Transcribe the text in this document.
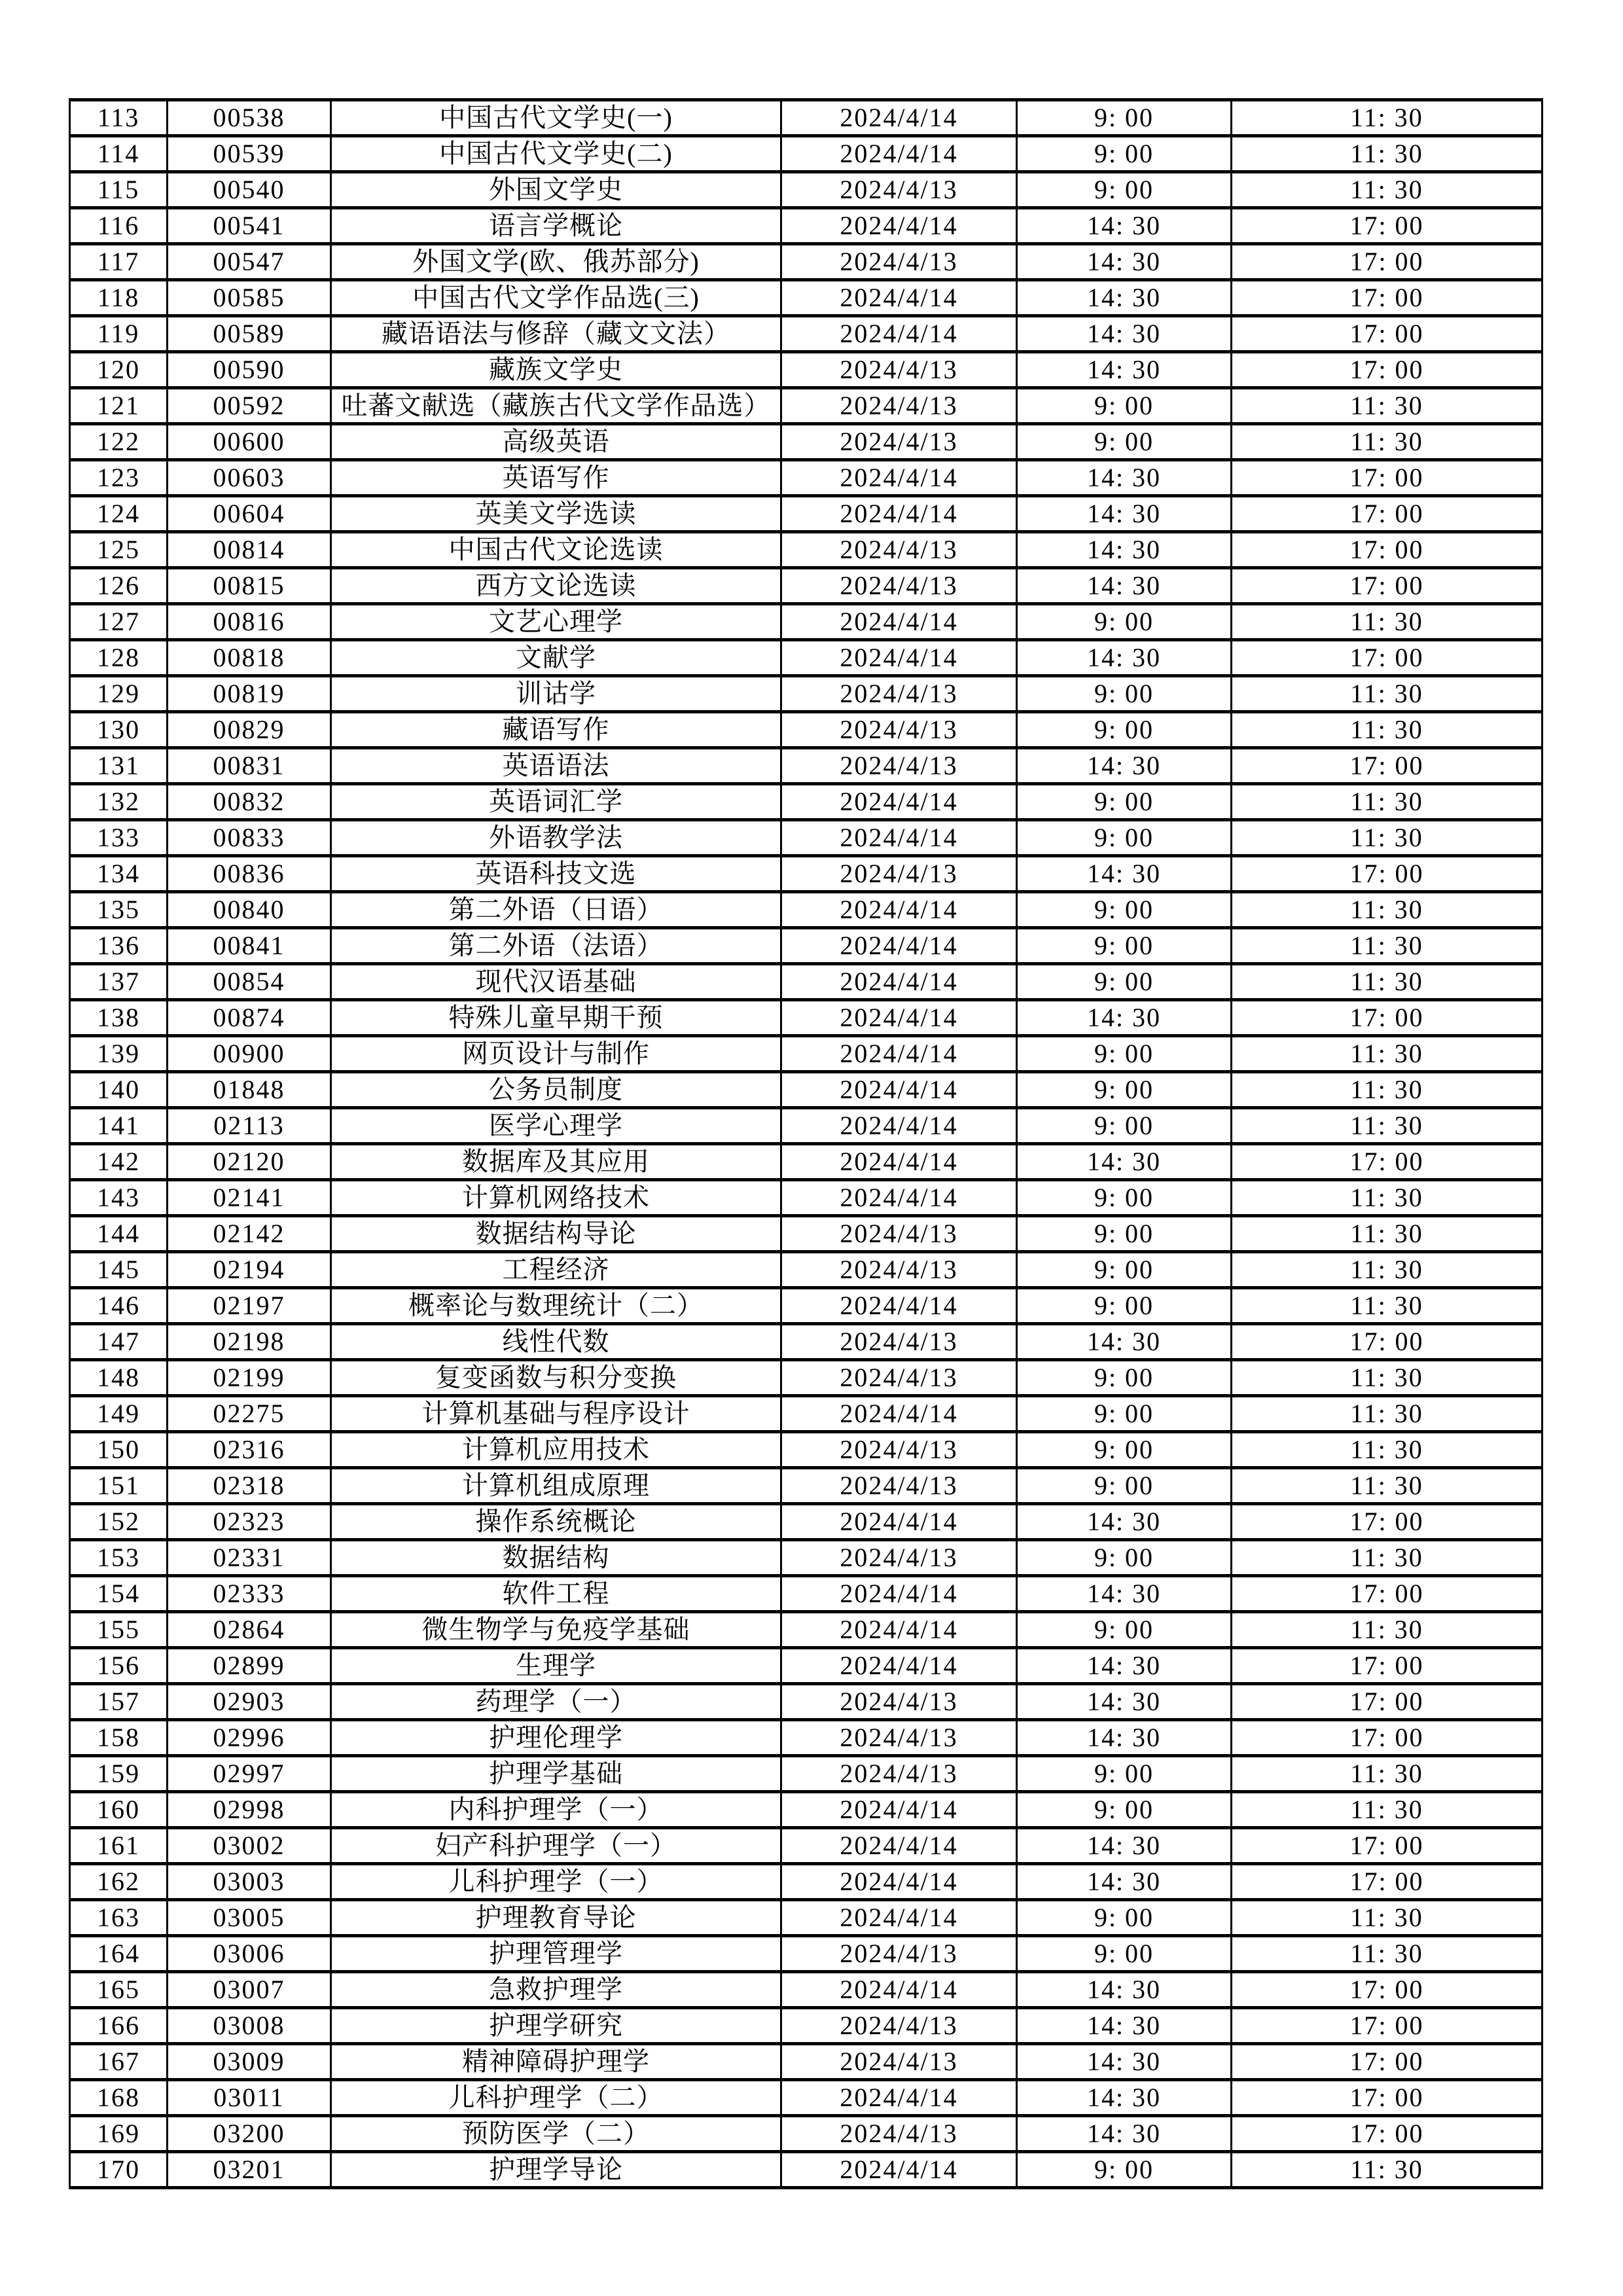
113	00538	中国古代文学史(一)	2024/4/14	9: 00	11: 30
114	00539	中国古代文学史(二)	2024/4/14	9: 00	11: 30
115	00540	外国文学史	2024/4/13	9: 00	11: 30
116	00541	语言学概论	2024/4/14	14: 30	17: 00
117	00547	外国文学(欧、俄苏部分)	2024/4/13	14: 30	17: 00
118	00585	中国古代文学作品选(三)	2024/4/14	14: 30	17: 00
119	00589	藏语语法与修辞（藏文文法）	2024/4/14	14: 30	17: 00
120	00590	藏族文学史	2024/4/13	14: 30	17: 00
121	00592	吐蕃文献选（藏族古代文学作品选）	2024/4/13	9: 00	11: 30
122	00600	高级英语	2024/4/13	9: 00	11: 30
123	00603	英语写作	2024/4/14	14: 30	17: 00
124	00604	英美文学选读	2024/4/14	14: 30	17: 00
125	00814	中国古代文论选读	2024/4/13	14: 30	17: 00
126	00815	西方文论选读	2024/4/13	14: 30	17: 00
127	00816	文艺心理学	2024/4/14	9: 00	11: 30
128	00818	文献学	2024/4/14	14: 30	17: 00
129	00819	训诂学	2024/4/13	9: 00	11: 30
130	00829	藏语写作	2024/4/13	9: 00	11: 30
131	00831	英语语法	2024/4/13	14: 30	17: 00
132	00832	英语词汇学	2024/4/14	9: 00	11: 30
133	00833	外语教学法	2024/4/14	9: 00	11: 30
134	00836	英语科技文选	2024/4/13	14: 30	17: 00
135	00840	第二外语（日语）	2024/4/14	9: 00	11: 30
136	00841	第二外语（法语）	2024/4/14	9: 00	11: 30
137	00854	现代汉语基础	2024/4/14	9: 00	11: 30
138	00874	特殊儿童早期干预	2024/4/14	14: 30	17: 00
139	00900	网页设计与制作	2024/4/14	9: 00	11: 30
140	01848	公务员制度	2024/4/14	9: 00	11: 30
141	02113	医学心理学	2024/4/14	9: 00	11: 30
142	02120	数据库及其应用	2024/4/14	14: 30	17: 00
143	02141	计算机网络技术	2024/4/14	9: 00	11: 30
144	02142	数据结构导论	2024/4/13	9: 00	11: 30
145	02194	工程经济	2024/4/13	9: 00	11: 30
146	02197	概率论与数理统计（二）	2024/4/14	9: 00	11: 30
147	02198	线性代数	2024/4/13	14: 30	17: 00
148	02199	复变函数与积分变换	2024/4/13	9: 00	11: 30
149	02275	计算机基础与程序设计	2024/4/14	9: 00	11: 30
150	02316	计算机应用技术	2024/4/13	9: 00	11: 30
151	02318	计算机组成原理	2024/4/13	9: 00	11: 30
152	02323	操作系统概论	2024/4/14	14: 30	17: 00
153	02331	数据结构	2024/4/13	9: 00	11: 30
154	02333	软件工程	2024/4/14	14: 30	17: 00
155	02864	微生物学与免疫学基础	2024/4/14	9: 00	11: 30
156	02899	生理学	2024/4/14	14: 30	17: 00
157	02903	药理学（一）	2024/4/13	14: 30	17: 00
158	02996	护理伦理学	2024/4/13	14: 30	17: 00
159	02997	护理学基础	2024/4/13	9: 00	11: 30
160	02998	内科护理学（一）	2024/4/14	9: 00	11: 30
161	03002	妇产科护理学（一）	2024/4/14	14: 30	17: 00
162	03003	儿科护理学（一）	2024/4/14	14: 30	17: 00
163	03005	护理教育导论	2024/4/14	9: 00	11: 30
164	03006	护理管理学	2024/4/13	9: 00	11: 30
165	03007	急救护理学	2024/4/14	14: 30	17: 00
166	03008	护理学研究	2024/4/13	14: 30	17: 00
167	03009	精神障碍护理学	2024/4/13	14: 30	17: 00
168	03011	儿科护理学（二）	2024/4/14	14: 30	17: 00
169	03200	预防医学（二）	2024/4/13	14: 30	17: 00
170	03201	护理学导论	2024/4/14	9: 00	11: 30
